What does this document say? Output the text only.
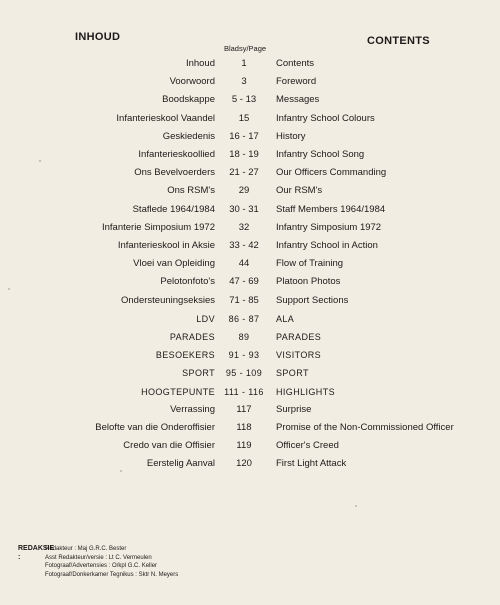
INHOUD
Bladsy/Page
CONTENTS
Inhoud	1	Contents
Voorwoord	3	Foreword
Boodskappe	5 - 13	Messages
Infanterieskool Vaandel	15	Infantry School Colours
Geskiedenis	16 - 17	History
Infanterieskoollied	18 - 19	Infantry School Song
Ons Bevelvoerders	21 - 27	Our Officers Commanding
Ons RSM's	29	Our RSM's
Staflede 1964/1984	30 - 31	Staff Members 1964/1984
Infanterie Simposium 1972	32	Infantry Simposium 1972
Infanterieskool in Aksie	33 - 42	Infantry School in Action
Vloei van Opleiding	44	Flow of Training
Pelotonfoto's	47 - 69	Platoon Photos
Ondersteuningseksies	71 - 85	Support Sections
LDV	86 - 87	ALA
PARADES	89	PARADES
BESOEKERS	91 - 93	VISITORS
SPORT	95 - 109	SPORT
HOOGTEPUNTE	111 - 116	HIGHLIGHTS
Verrassing	117	Surprise
Belofte van die Onderoffisier	118	Promise of the Non-Commissioned Officer
Credo van die Offisier	119	Officer's Creed
Eerstelig Aanval	120	First Light Attack
REDAKSIE :
Redakteur : Maj G.R.C. Bester
Asst Redakteur/versie : Lt C. Vermeulen
Fotograaf/Advertensies : O/kpl G.C. Keller
Fotograaf/Donkerkamer Tegnikus : Sktr N. Meyers
